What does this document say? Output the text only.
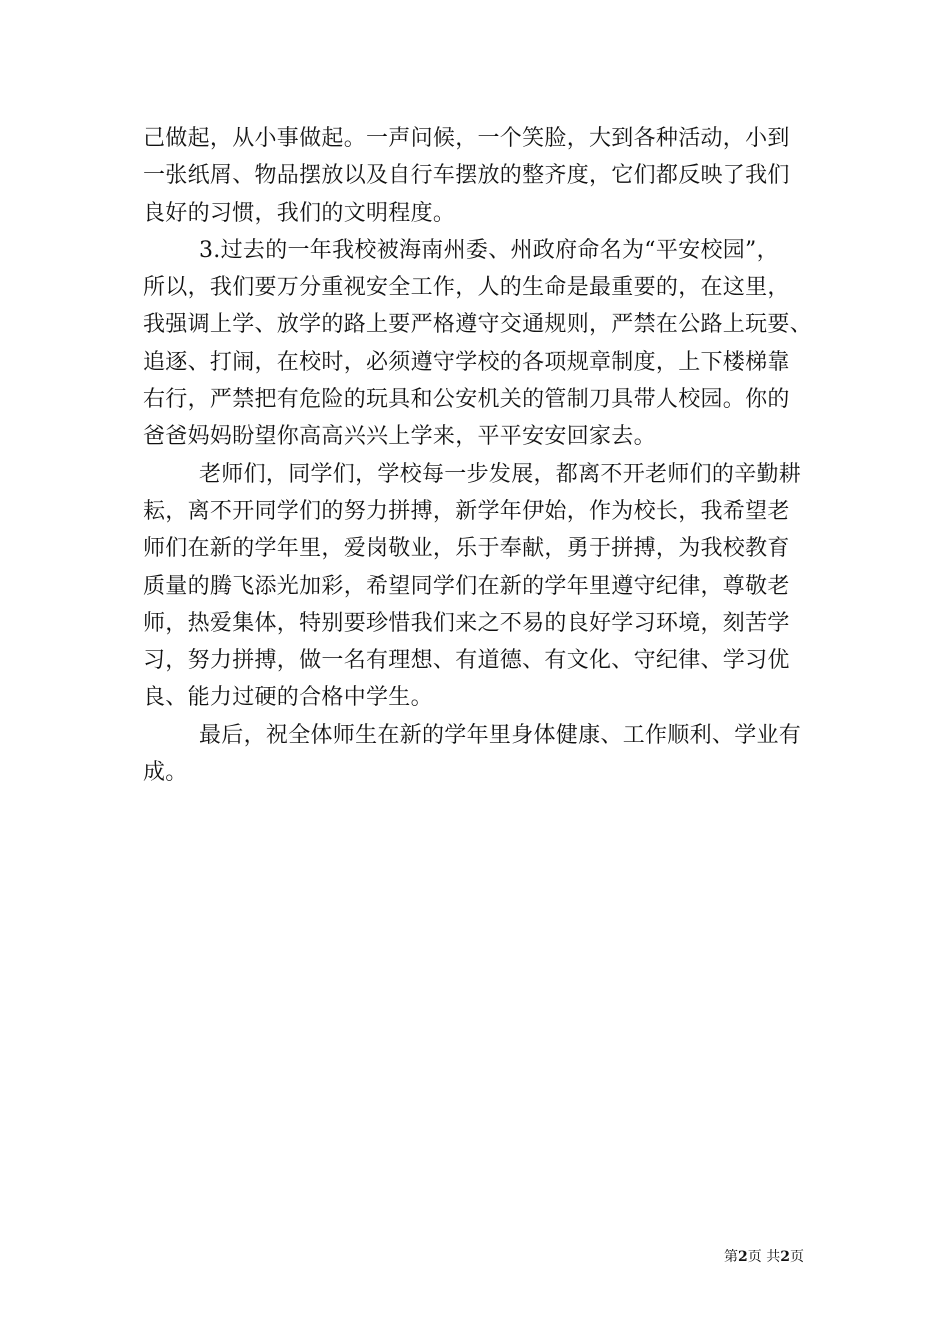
己做起，从小事做起。一声问候，一个笑脸，大到各种活动，小到
一张纸屑、物品摆放以及自行车摆放的整齐度，它们都反映了我们
良好的习惯，我们的文明程度。
3.过去的一年我校被海南州委、州政府命名为“平安校园”，
所以，我们要万分重视安全工作，人的生命是最重要的，在这里，
我强调上学、放学的路上要严格遵守交通规则，严禁在公路上玩要、
追逐、打闹，在校时，必须遵守学校的各项规章制度，上下楼梯靠
右行，严禁把有危险的玩具和公安机关的管制刀具带人校园。你的
爸爸妈妈盼望你高高兴兴上学来，平平安安回家去。
老师们，同学们，学校每一步发展，都离不开老师们的辛勤耕
耘，离不开同学们的努力拼搏，新学年伊始，作为校长，我希望老
师们在新的学年里，爱岗敬业，乐于奉献，勇于拼搏，为我校教育
质量的腾飞添光加彩，希望同学们在新的学年里遵守纪律，尊敬老
师，热爱集体，特别要珍惜我们来之不易的良好学习环境，刻苦学
习，努力拼搏，做一名有理想、有道德、有文化、守纪律、学习优
良、能力过硬的合格中学生。
最后，祝全体师生在新的学年里身体健康、工作顺利、学业有
成。
第2页 共2页
